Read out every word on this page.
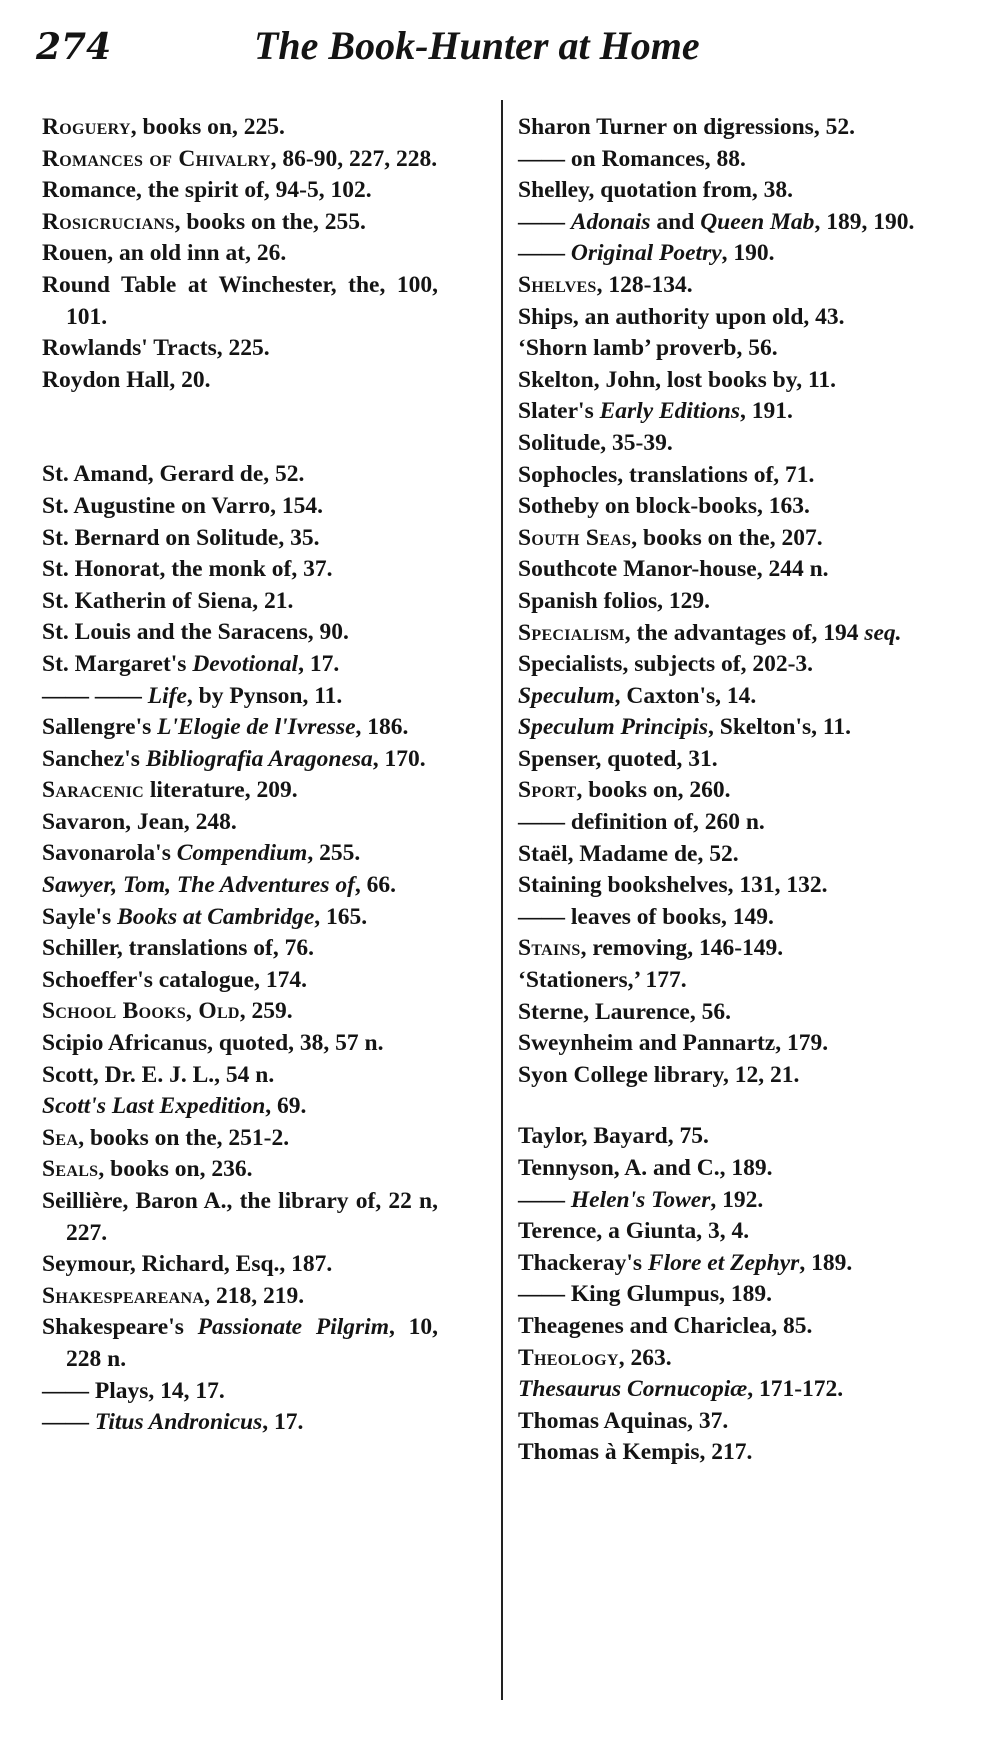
274	The Book-Hunter at Home
Roguery, books on, 225.
Romances of Chivalry, 86-90, 227, 228.
Romance, the spirit of, 94-5, 102.
Rosicrucians, books on the, 255.
Rouen, an old inn at, 26.
Round Table at Winchester, the, 100, 101.
Rowlands' Tracts, 225.
Roydon Hall, 20.
St. Amand, Gerard de, 52.
St. Augustine on Varro, 154.
St. Bernard on Solitude, 35.
St. Honorat, the monk of, 37.
St. Katherin of Siena, 21.
St. Louis and the Saracens, 90.
St. Margaret's Devotional, 17.
—— —— Life, by Pynson, 11.
Sallengre's L'Elogie de l'Ivresse, 186.
Sanchez's Bibliografia Aragonesa, 170.
Saracenic literature, 209.
Savaron, Jean, 248.
Savonarola's Compendium, 255.
Sawyer, Tom, The Adventures of, 66.
Sayle's Books at Cambridge, 165.
Schiller, translations of, 76.
Schoeffer's catalogue, 174.
School Books, Old, 259.
Scipio Africanus, quoted, 38, 57 n.
Scott, Dr. E. J. L., 54 n.
Scott's Last Expedition, 69.
Sea, books on the, 251-2.
Seals, books on, 236.
Seillière, Baron A., the library of, 22 n, 227.
Seymour, Richard, Esq., 187.
Shakespeareana, 218, 219.
Shakespeare's Passionate Pilgrim, 10, 228 n.
—— Plays, 14, 17.
—— Titus Andronicus, 17.
Sharon Turner on digressions, 52.
—— on Romances, 88.
Shelley, quotation from, 38.
—— Adonais and Queen Mab, 189, 190.
—— Original Poetry, 190.
Shelves, 128-134.
Ships, an authority upon old, 43.
‘Shorn lamb’ proverb, 56.
Skelton, John, lost books by, 11.
Slater's Early Editions, 191.
Solitude, 35-39.
Sophocles, translations of, 71.
Sotheby on block-books, 163.
South Seas, books on the, 207.
Southcote Manor-house, 244 n.
Spanish folios, 129.
Specialism, the advantages of, 194 seq.
Specialists, subjects of, 202-3.
Speculum, Caxton's, 14.
Speculum Principis, Skelton's, 11.
Spenser, quoted, 31.
Sport, books on, 260.
—— definition of, 260 n.
Staël, Madame de, 52.
Staining bookshelves, 131, 132.
—— leaves of books, 149.
Stains, removing, 146-149.
‘Stationers,’ 177.
Sterne, Laurence, 56.
Sweynheim and Pannartz, 179.
Syon College library, 12, 21.
Taylor, Bayard, 75.
Tennyson, A. and C., 189.
—— Helen's Tower, 192.
Terence, a Giunta, 3, 4.
Thackeray's Flore et Zephyr, 189.
—— King Glumpus, 189.
Theagenes and Chariclea, 85.
Theology, 263.
Thesaurus Cornucopiæ, 171-172.
Thomas Aquinas, 37.
Thomas à Kempis, 217.
